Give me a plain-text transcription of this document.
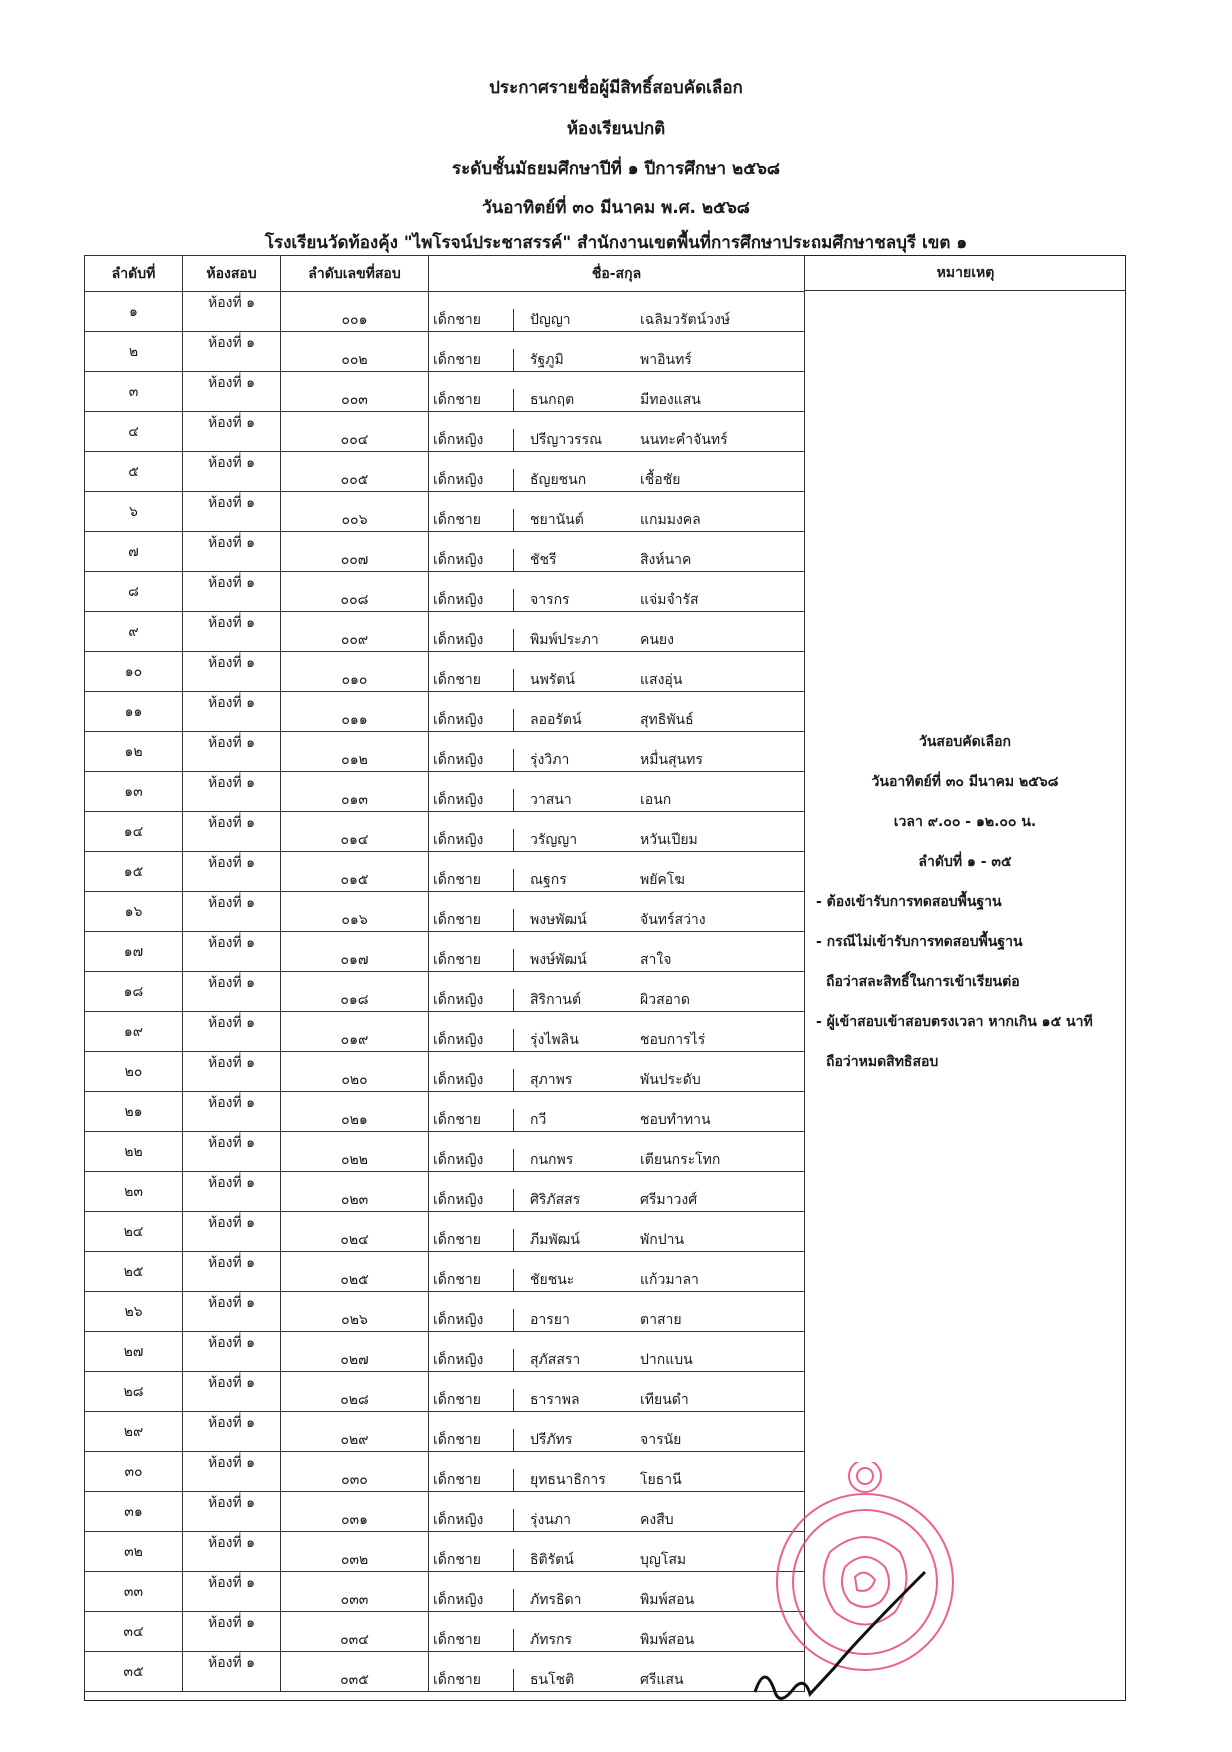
ประกาศรายชื่อผู้มีสิทธิ์สอบคัดเลือก
ห้องเรียนปกติ
ระดับชั้นมัธยมศึกษาปีที่ ๑ ปีการศึกษา ๒๕๖๘
วันอาทิตย์ที่ ๓๐ มีนาคม พ.ศ. ๒๕๖๘
โรงเรียนวัดท้องคุ้ง "ไพโรจน์ประชาสรรค์" สำนักงานเขตพื้นที่การศึกษาประถมศึกษาชลบุรี เขต ๑
ลำดับที่	ห้องสอบ	ลำดับเลขที่สอบ	ชื่อ-สกุล
๑	ห้องที่ ๑	๐๐๑	เด็กชาย ปัญญา เฉลิมวรัตน์วงษ์
๒	ห้องที่ ๑	๐๐๒	เด็กชาย รัฐภูมิ พาอินทร์
๓	ห้องที่ ๑	๐๐๓	เด็กชาย ธนกฤต มีทองแสน
๔	ห้องที่ ๑	๐๐๔	เด็กหญิง ปรีญาวรรณ นนทะคำจันทร์
๕	ห้องที่ ๑	๐๐๕	เด็กหญิง ธัญยชนก เชื้อชัย
๖	ห้องที่ ๑	๐๐๖	เด็กชาย ชยานันต์ แกมมงคล
๗	ห้องที่ ๑	๐๐๗	เด็กหญิง ชัชรี สิงห์นาค
๘	ห้องที่ ๑	๐๐๘	เด็กหญิง จารกร แจ่มจำรัส
๙	ห้องที่ ๑	๐๐๙	เด็กหญิง พิมพ์ประภา คนยง
๑๐	ห้องที่ ๑	๐๑๐	เด็กชาย นพรัตน์ แสงอุ่น
๑๑	ห้องที่ ๑	๐๑๑	เด็กหญิง ลออรัตน์ สุทธิพันธ์
๑๒	ห้องที่ ๑	๐๑๒	เด็กหญิง รุ่งวิภา หมื่นสุนทร
๑๓	ห้องที่ ๑	๐๑๓	เด็กหญิง วาสนา เอนก
๑๔	ห้องที่ ๑	๐๑๔	เด็กหญิง วรัญญา หวันเปียม
๑๕	ห้องที่ ๑	๐๑๕	เด็กชาย ณฐกร พยัคโฆ
๑๖	ห้องที่ ๑	๐๑๖	เด็กชาย พงษพัฒน์ จันทร์สว่าง
๑๗	ห้องที่ ๑	๐๑๗	เด็กชาย พงษ์พัฒน์ สาใจ
๑๘	ห้องที่ ๑	๐๑๘	เด็กหญิง สิริกานต์ ผิวสอาด
๑๙	ห้องที่ ๑	๐๑๙	เด็กหญิง รุ่งไพลิน ชอบการไร่
๒๐	ห้องที่ ๑	๐๒๐	เด็กหญิง สุภาพร พันประดับ
๒๑	ห้องที่ ๑	๐๒๑	เด็กชาย กวี ชอบทำทาน
๒๒	ห้องที่ ๑	๐๒๒	เด็กหญิง กนกพร เตียนกระโทก
๒๓	ห้องที่ ๑	๐๒๓	เด็กหญิง ศิริภัสสร ศรีมาวงศ์
๒๔	ห้องที่ ๑	๐๒๔	เด็กชาย ภีมพัฒน์ พักปาน
๒๕	ห้องที่ ๑	๐๒๕	เด็กชาย ชัยชนะ แก้วมาลา
๒๖	ห้องที่ ๑	๐๒๖	เด็กหญิง อารยา ตาสาย
๒๗	ห้องที่ ๑	๐๒๗	เด็กหญิง สุภัสสรา ปากแบน
๒๘	ห้องที่ ๑	๐๒๘	เด็กชาย ธาราพล เทียนดำ
๒๙	ห้องที่ ๑	๐๒๙	เด็กชาย ปรีภัทร จารนัย
๓๐	ห้องที่ ๑	๐๓๐	เด็กชาย ยุทธนาธิการ โยธานี
๓๑	ห้องที่ ๑	๐๓๑	เด็กหญิง รุ่งนภา คงสืบ
๓๒	ห้องที่ ๑	๐๓๒	เด็กชาย ธิติรัตน์ บุญโสม
๓๓	ห้องที่ ๑	๐๓๓	เด็กหญิง ภัทรธิดา พิมพ์สอน
๓๔	ห้องที่ ๑	๐๓๔	เด็กชาย ภัทรกร พิมพ์สอน
๓๕	ห้องที่ ๑	๐๓๕	เด็กชาย ธนโชติ ศรีแสน
หมายเหตุ
วันสอบคัดเลือก
วันอาทิตย์ที่ ๓๐ มีนาคม ๒๕๖๘
เวลา ๙.๐๐ - ๑๒.๐๐ น.
ลำดับที่ ๑ - ๓๕
- ต้องเข้ารับการทดสอบพื้นฐาน
- กรณีไม่เข้ารับการทดสอบพื้นฐาน
ถือว่าสละสิทธิ์ในการเข้าเรียนต่อ
- ผู้เข้าสอบเข้าสอบตรงเวลา หากเกิน ๑๕ นาที
ถือว่าหมดสิทธิสอบ
